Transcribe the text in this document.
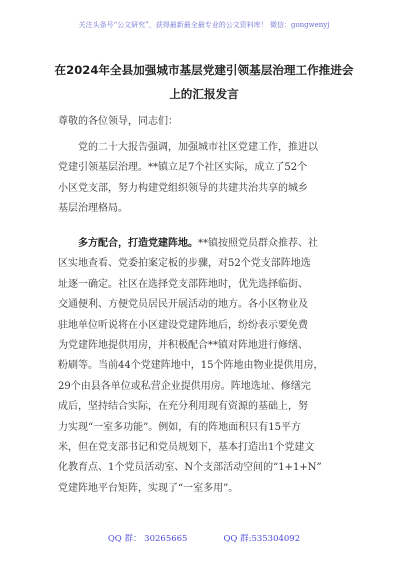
关注头条号“公文研究”，获得最新最全最专业的公文资料库！ 微信：gongwenyj
在2024年全县加强城市基层党建引领基层治理工作推进会
上的汇报发言
尊敬的各位领导，同志们：
党的二十大报告强调，加强城市社区党建工作，推进以
党建引领基层治理。**镇立足7个社区实际，成立了52个
小区党支部，努力构建党组织领导的共建共治共享的城乡
基层治理格局。
多方配合，打造党建阵地。**镇按照党员群众推荐、社
区实地查看、党委拍案定板的步骤，对52个党支部阵地选
址逐一确定。社区在选择党支部阵地时，优先选择临街、
交通便利、方便党员居民开展活动的地方。各小区物业及
驻地单位听说将在小区建设党建阵地后，纷纷表示要免费
为党建阵地提供用房，并积极配合**镇对阵地进行修缮、
粉刷等。当前44个党建阵地中，15个阵地由物业提供用房，
29个由县各单位或私营企业提供用房。阵地选址、修缮完
成后，坚持结合实际，在充分利用现有资源的基础上，努
力实现“一室多功能”。例如，有的阵地面积只有15平方
米，但在党支部书记和党员规划下，基本打造出1个党建文
化教育点、1个党员活动室、N个支部活动空间的“1+1+N”
党建阵地平台矩阵，实现了“一室多用”。
QQ 群： 30265665	QQ 群:535304092
